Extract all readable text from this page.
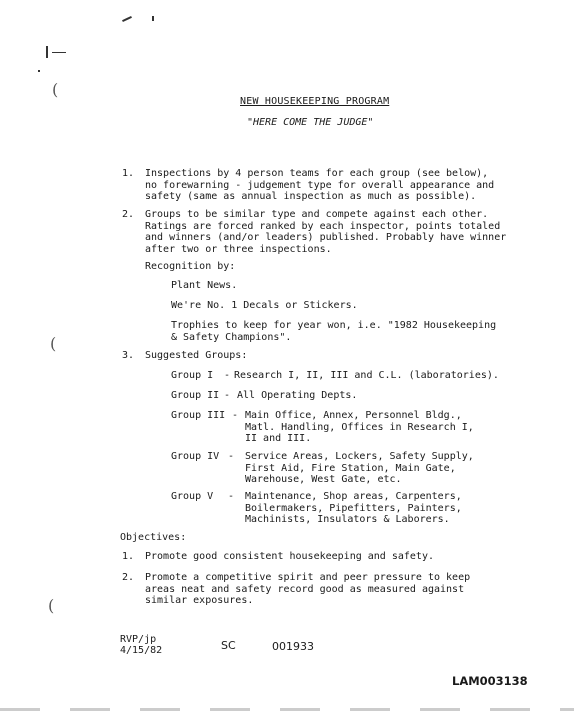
(
(
(
NEW HOUSEKEEPING PROGRAM
"HERE COME THE JUDGE"
1.	Inspections by 4 person teams for each group (see below),
no forewarning - judgement type for overall appearance and
safety (same as annual inspection as much as possible).
2.	Groups to be similar type and compete against each other.
Ratings are forced ranked by each inspector, points totaled
and winners (and/or leaders) published. Probably have winner
after two or three inspections.
Recognition by:
Plant News.
We're No. 1 Decals or Stickers.
Trophies to keep for year won, i.e. "1982 Housekeeping
& Safety Champions".
3.	Suggested Groups:
Group I - Research I, II, III and C.L. (laboratories).
Group II - All Operating Depts.
Group III - Main Office, Annex, Personnel Bldg.,
Matl. Handling, Offices in Research I,
II and III.
Group IV - Service Areas, Lockers, Safety Supply,
First Aid, Fire Station, Main Gate,
Warehouse, West Gate, etc.
Group V - Maintenance, Shop areas, Carpenters,
Boilermakers, Pipefitters, Painters,
Machinists, Insulators & Laborers.
Objectives:
1.	Promote good consistent housekeeping and safety.
2.	Promote a competitive spirit and peer pressure to keep
areas neat and safety record good as measured against
similar exposures.
RVP/jp
4/15/82	SC	001933
LAM003138
